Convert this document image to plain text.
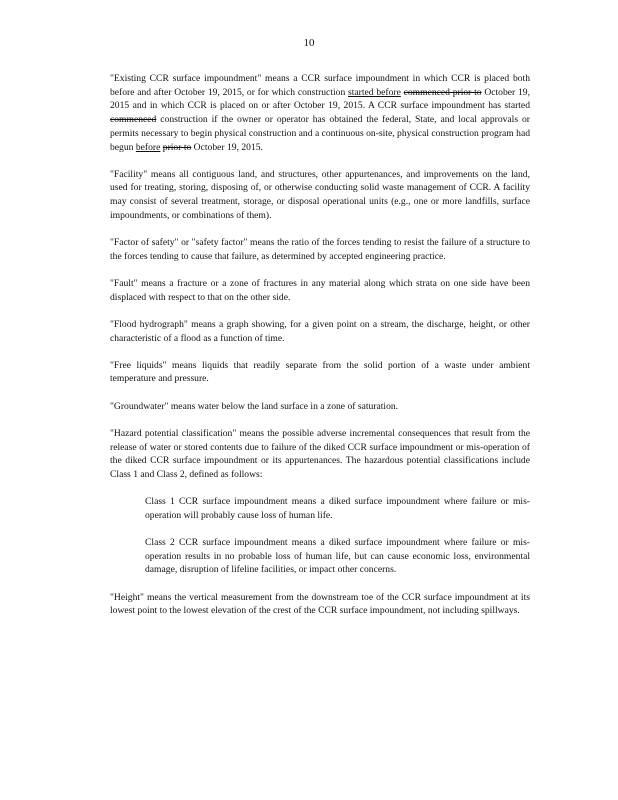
10

"Existing CCR surface impoundment" means a CCR surface impoundment in which CCR is placed both before and after October 19, 2015, or for which construction started before commenced prior to October 19, 2015 and in which CCR is placed on or after October 19, 2015. A CCR surface impoundment has started commenced construction if the owner or operator has obtained the federal, State, and local approvals or permits necessary to begin physical construction and a continuous on-site, physical construction program had begun before prior to October 19, 2015.

"Facility" means all contiguous land, and structures, other appurtenances, and improvements on the land, used for treating, storing, disposing of, or otherwise conducting solid waste management of CCR. A facility may consist of several treatment, storage, or disposal operational units (e.g., one or more landfills, surface impoundments, or combinations of them).

"Factor of safety" or "safety factor" means the ratio of the forces tending to resist the failure of a structure to the forces tending to cause that failure, as determined by accepted engineering practice.

"Fault" means a fracture or a zone of fractures in any material along which strata on one side have been displaced with respect to that on the other side.

"Flood hydrograph" means a graph showing, for a given point on a stream, the discharge, height, or other characteristic of a flood as a function of time.

"Free liquids" means liquids that readily separate from the solid portion of a waste under ambient temperature and pressure.

"Groundwater" means water below the land surface in a zone of saturation.

"Hazard potential classification" means the possible adverse incremental consequences that result from the release of water or stored contents due to failure of the diked CCR surface impoundment or mis-operation of the diked CCR surface impoundment or its appurtenances. The hazardous potential classifications include Class 1 and Class 2, defined as follows:

Class 1 CCR surface impoundment means a diked surface impoundment where failure or mis-operation will probably cause loss of human life.

Class 2 CCR surface impoundment means a diked surface impoundment where failure or mis-operation results in no probable loss of human life, but can cause economic loss, environmental damage, disruption of lifeline facilities, or impact other concerns.

"Height" means the vertical measurement from the downstream toe of the CCR surface impoundment at its lowest point to the lowest elevation of the crest of the CCR surface impoundment, not including spillways.
